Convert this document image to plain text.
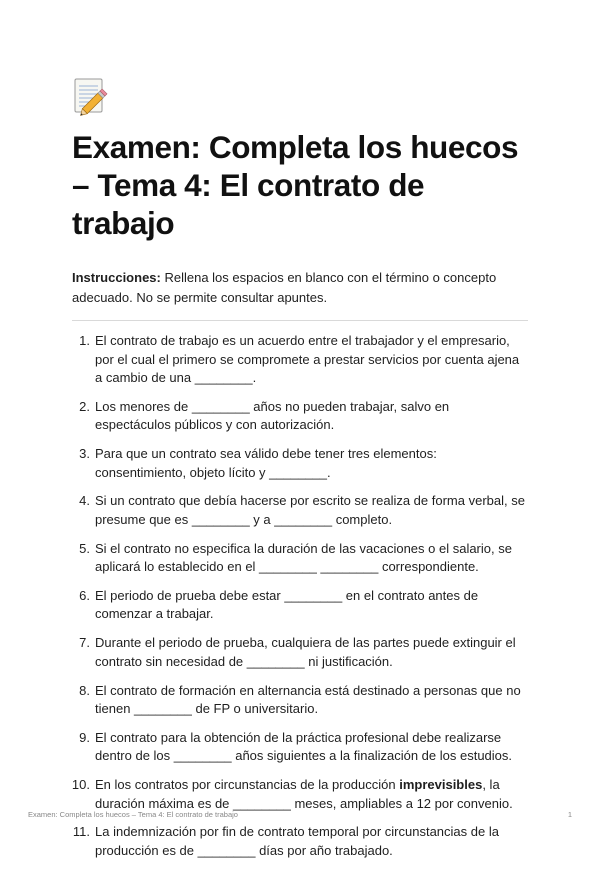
Examen: Completa los huecos
– Tema 4: El contrato de trabajo

Instrucciones: Rellena los espacios en blanco con el término o concepto adecuado. No se permite consultar apuntes.

1. El contrato de trabajo es un acuerdo entre el trabajador y el empresario, por el cual el primero se compromete a prestar servicios por cuenta ajena a cambio de una ________.
2. Los menores de ________ años no pueden trabajar, salvo en espectáculos públicos y con autorización.
3. Para que un contrato sea válido debe tener tres elementos: consentimiento, objeto lícito y ________.
4. Si un contrato que debía hacerse por escrito se realiza de forma verbal, se presume que es ________ y a ________ completo.
5. Si el contrato no especifica la duración de las vacaciones o el salario, se aplicará lo establecido en el ________ ________ correspondiente.
6. El periodo de prueba debe estar ________ en el contrato antes de comenzar a trabajar.
7. Durante el periodo de prueba, cualquiera de las partes puede extinguir el contrato sin necesidad de ________ ni justificación.
8. El contrato de formación en alternancia está destinado a personas que no tienen ________ de FP o universitario.
9. El contrato para la obtención de la práctica profesional debe realizarse dentro de los ________ años siguientes a la finalización de los estudios.
10. En los contratos por circunstancias de la producción imprevisibles, la duración máxima es de ________ meses, ampliables a 12 por convenio.
11. La indemnización por fin de contrato temporal por circunstancias de la producción es de ________ días por año trabajado.
Examen: Completa los huecos – Tema 4: El contrato de trabajo	1
